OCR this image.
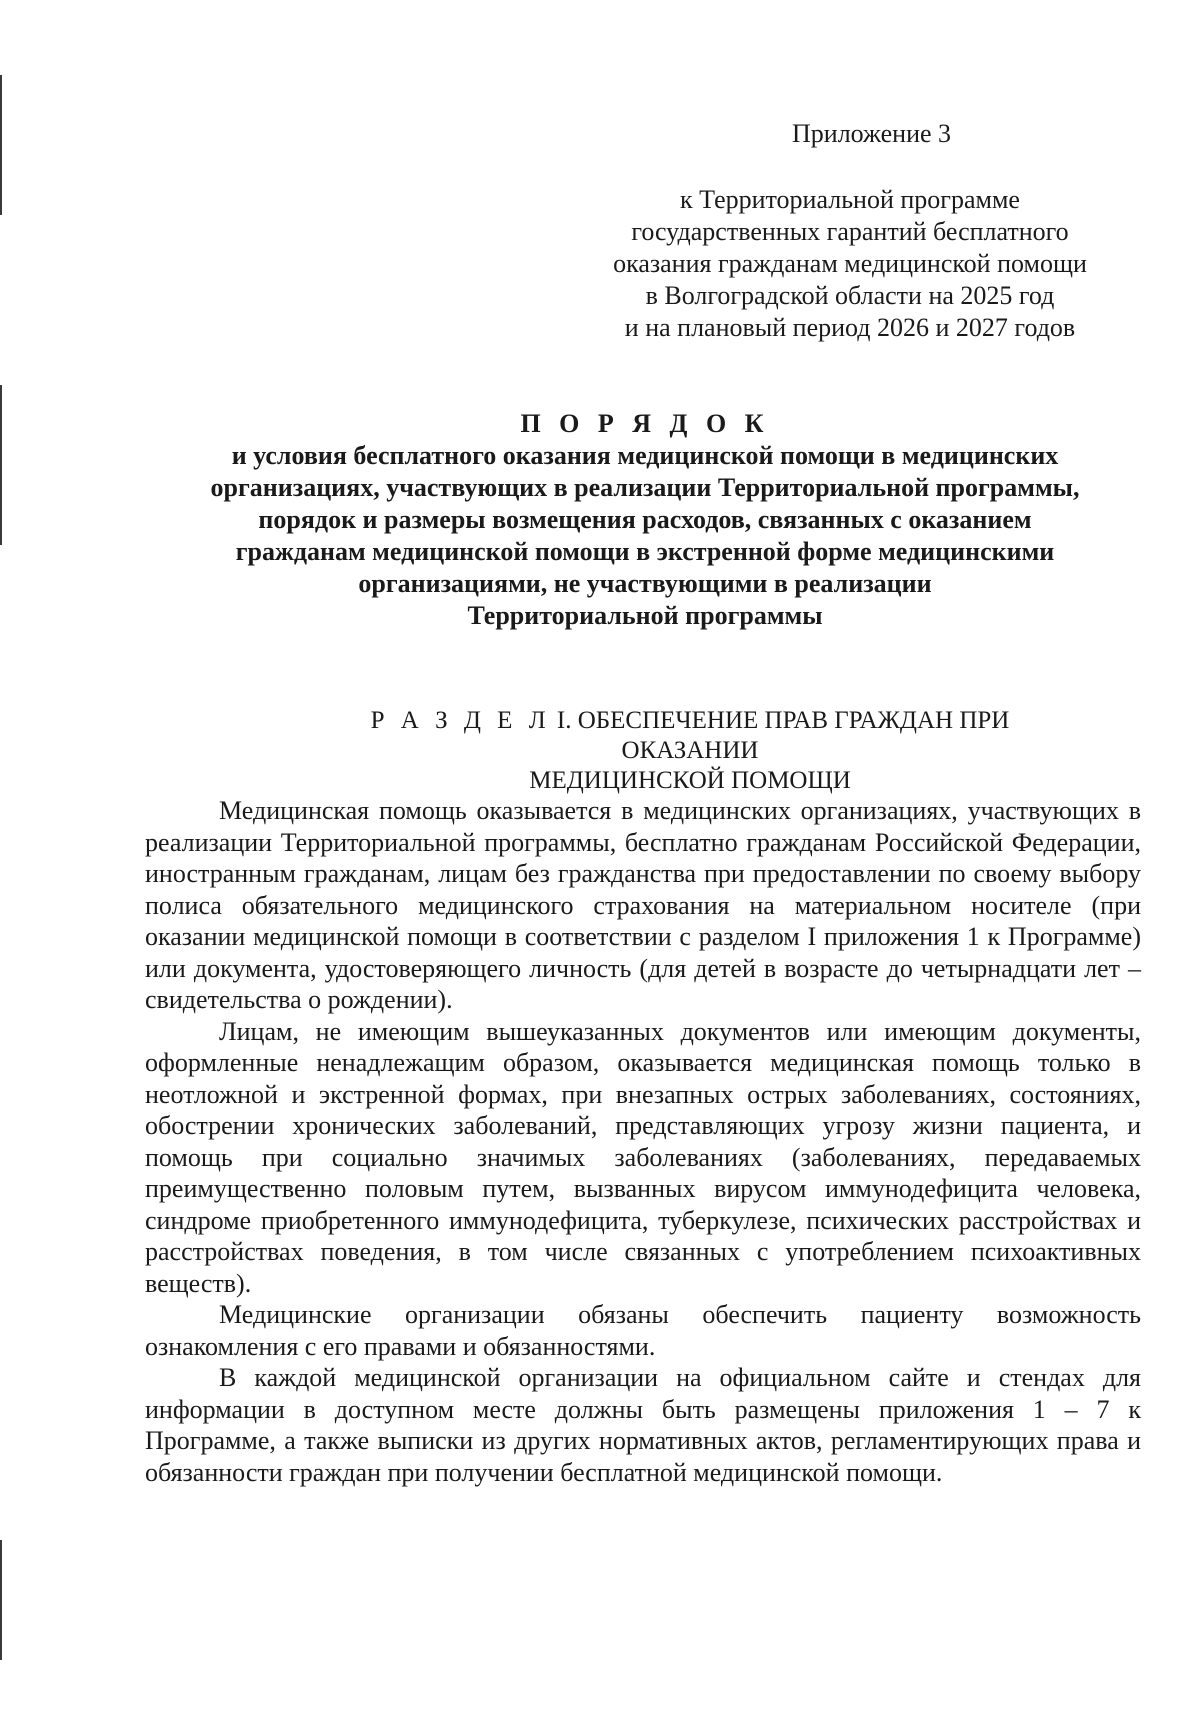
Приложение 3
к Территориальной программе
государственных гарантий бесплатного
оказания гражданам медицинской помощи
в Волгоградской области на 2025 год
и на плановый период 2026 и 2027 годов
П О Р Я Д О К
и условия бесплатного оказания медицинской помощи в медицинских
организациях, участвующих в реализации Территориальной программы,
порядок и размеры возмещения расходов, связанных с оказанием
гражданам медицинской помощи в экстренной форме медицинскими
организациями, не участвующими в реализации
Территориальной программы
Р А З Д Е Л I. ОБЕСПЕЧЕНИЕ ПРАВ ГРАЖДАН ПРИ ОКАЗАНИИ
МЕДИЦИНСКОЙ ПОМОЩИ

Медицинская помощь оказывается в медицинских организациях, участвующих в реализации Территориальной программы, бесплатно гражданам Российской Федерации, иностранным гражданам, лицам без гражданства при предоставлении по своему выбору полиса обязательного медицинского страхования на материальном носителе (при оказании медицинской помощи в соответствии с разделом I приложения 1 к Программе) или документа, удостоверяющего личность (для детей в возрасте до четырнадцати лет – свидетельства о рождении).

Лицам, не имеющим вышеуказанных документов или имеющим документы, оформленные ненадлежащим образом, оказывается медицинская помощь только в неотложной и экстренной формах, при внезапных острых заболеваниях, состояниях, обострении хронических заболеваний, представляющих угрозу жизни пациента, и помощь при социально значимых заболеваниях (заболеваниях, передаваемых преимущественно половым путем, вызванных вирусом иммунодефицита человека, синдроме приобретенного иммунодефицита, туберкулезе, психических расстройствах и расстройствах поведения, в том числе связанных с употреблением психоактивных веществ).

Медицинские организации обязаны обеспечить пациенту возможность ознакомления с его правами и обязанностями.

В каждой медицинской организации на официальном сайте и стендах для информации в доступном месте должны быть размещены приложения 1 – 7 к Программе, а также выписки из других нормативных актов, регламентирующих права и обязанности граждан при получении бесплатной медицинской помощи.
